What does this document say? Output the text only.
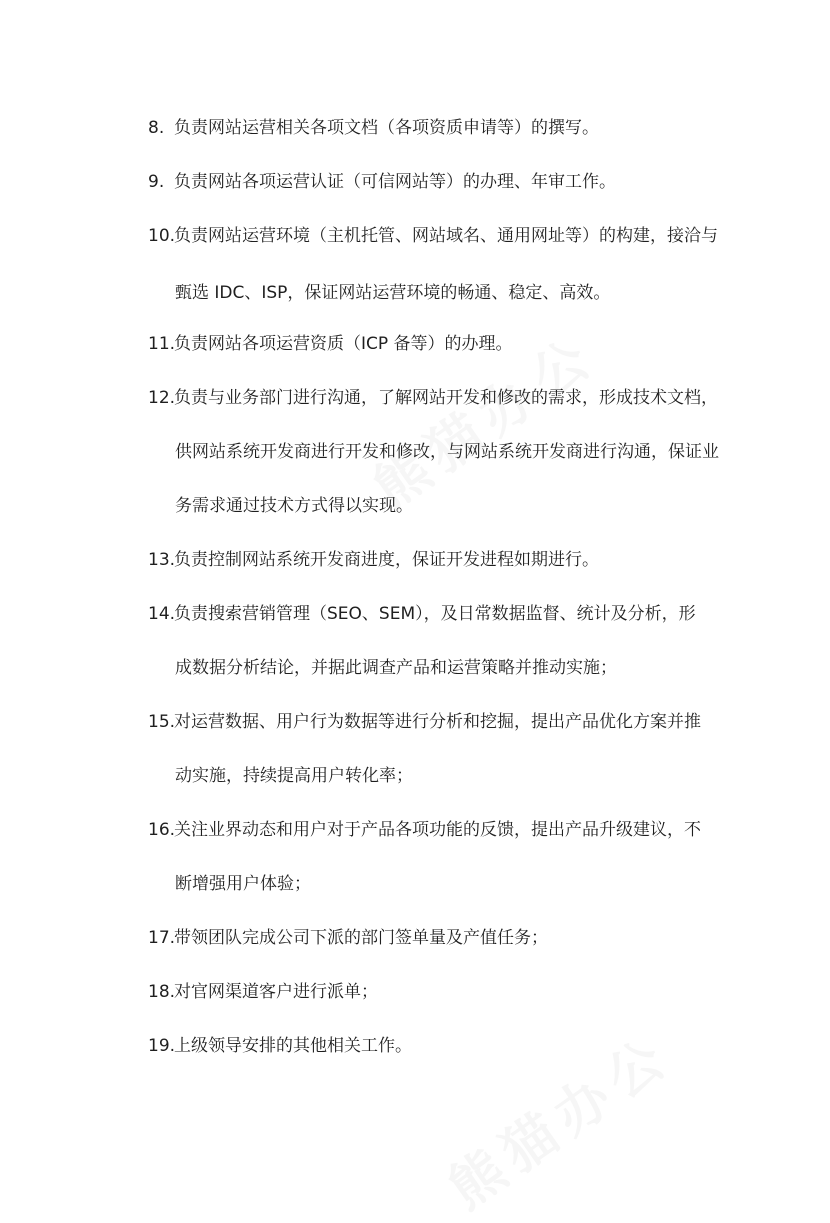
8. 负责网站运营相关各项文档（各项资质申请等）的撰写。
9. 负责网站各项运营认证（可信网站等）的办理、年审工作。
10.负责网站运营环境（主机托管、网站域名、通用网址等）的构建，接洽与
甄选 IDC、ISP，保证网站运营环境的畅通、稳定、高效。
11.负责网站各项运营资质（ICP 备等）的办理。
12.负责与业务部门进行沟通，了解网站开发和修改的需求，形成技术文档，
供网站系统开发商进行开发和修改，与网站系统开发商进行沟通，保证业
务需求通过技术方式得以实现。
13.负责控制网站系统开发商进度，保证开发进程如期进行。
14.负责搜索营销管理（SEO、SEM），及日常数据监督、统计及分析，形
成数据分析结论，并据此调查产品和运营策略并推动实施；
15.对运营数据、用户行为数据等进行分析和挖掘，提出产品优化方案并推
动实施，持续提高用户转化率；
16.关注业界动态和用户对于产品各项功能的反馈，提出产品升级建议，不
断增强用户体验；
17.带领团队完成公司下派的部门签单量及产值任务；
18.对官网渠道客户进行派单；
19.上级领导安排的其他相关工作。
